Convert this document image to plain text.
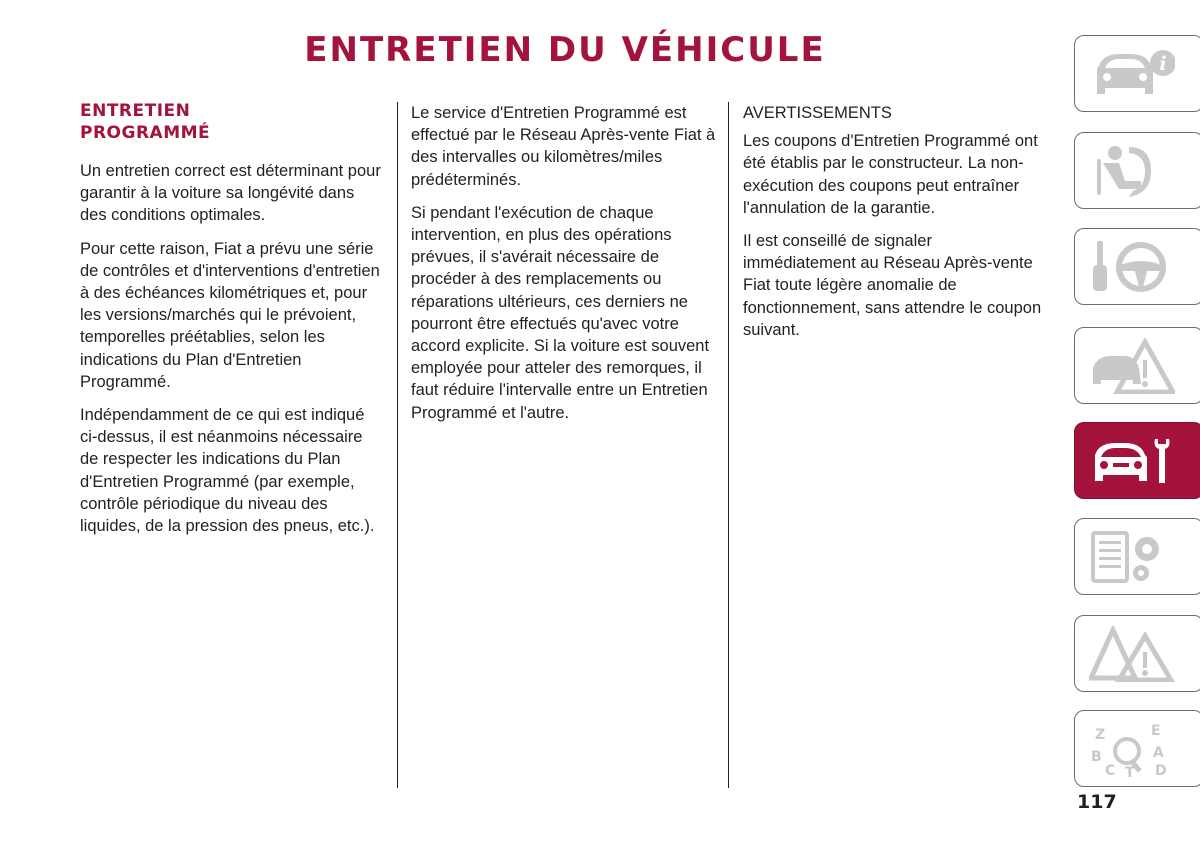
ENTRETIEN DU VÉHICULE
ENTRETIEN
PROGRAMMÉ

Un entretien correct est déterminant pour garantir à la voiture sa longévité dans des conditions optimales.

Pour cette raison, Fiat a prévu une série de contrôles et d'interventions d'entretien à des échéances kilométriques et, pour les versions/marchés qui le prévoient, temporelles préétablies, selon les indications du Plan d'Entretien Programmé.

Indépendamment de ce qui est indiqué ci-dessus, il est néanmoins nécessaire de respecter les indications du Plan d'Entretien Programmé (par exemple, contrôle périodique du niveau des liquides, de la pression des pneus, etc.).

Le service d'Entretien Programmé est effectué par le Réseau Après-vente Fiat à des intervalles ou kilomètres/miles prédéterminés.

Si pendant l'exécution de chaque intervention, en plus des opérations prévues, il s'avérait nécessaire de procéder à des remplacements ou réparations ultérieurs, ces derniers ne pourront être effectués qu'avec votre accord explicite. Si la voiture est souvent employée pour atteler des remorques, il faut réduire l'intervalle entre un Entretien Programmé et l'autre.

AVERTISSEMENTS

Les coupons d'Entretien Programmé ont été établis par le constructeur. La non-exécution des coupons peut entraîner l'annulation de la garantie.

Il est conseillé de signaler immédiatement au Réseau Après-vente Fiat toute légère anomalie de fonctionnement, sans attendre le coupon suivant.

i
Z	E
B	A
C T D
117
